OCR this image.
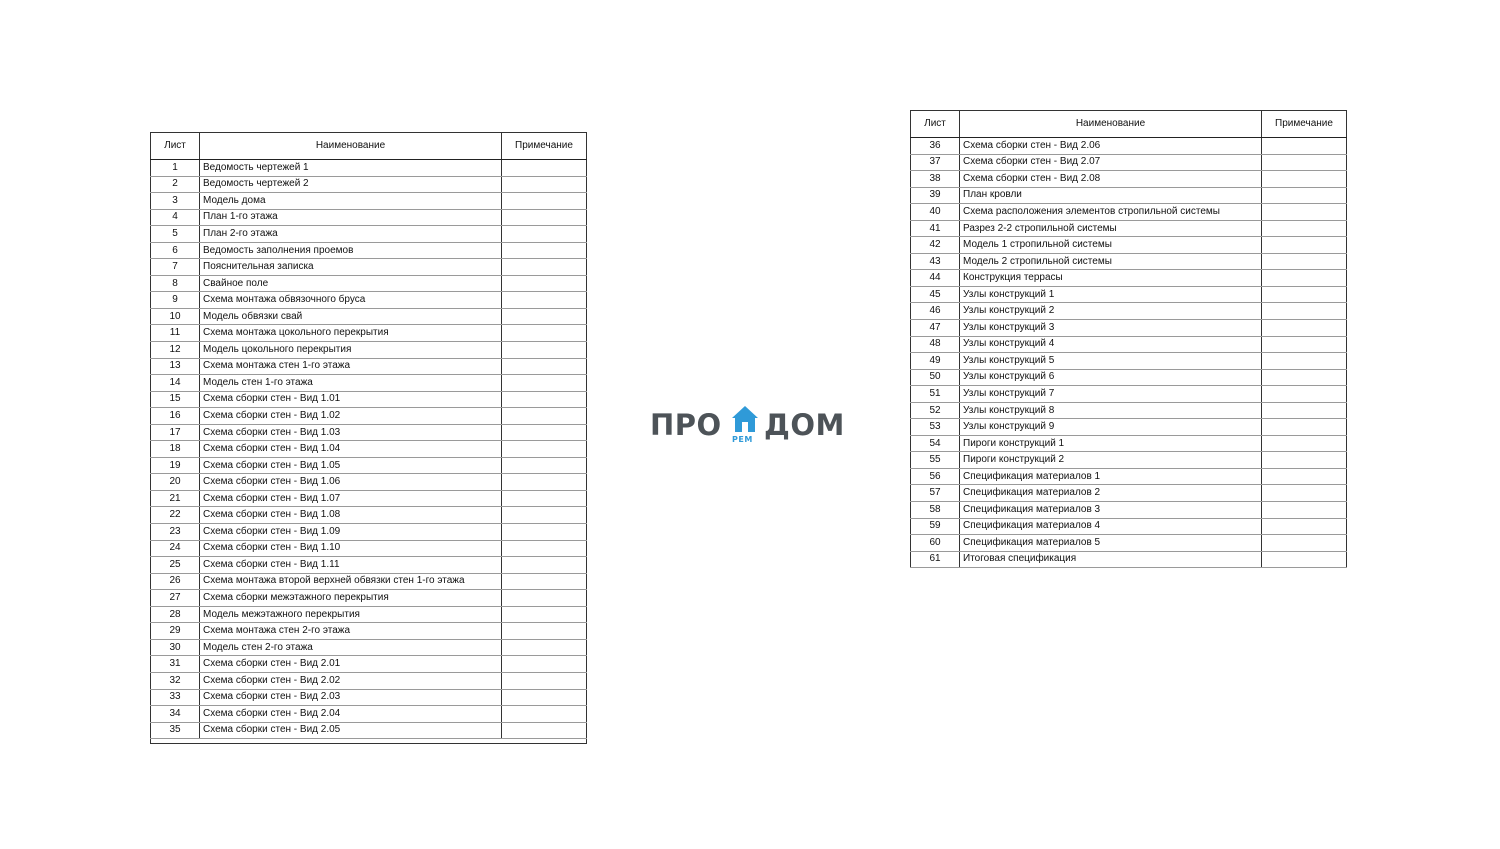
Лист	Наименование	Примечание
1	Ведомость чертежей 1	
2	Ведомость чертежей 2	
3	Модель дома	
4	План 1-го этажа	
5	План 2-го этажа	
6	Ведомость заполнения проемов	
7	Пояснительная записка	
8	Свайное поле	
9	Схема монтажа обвязочного бруса	
10	Модель обвязки свай	
11	Схема монтажа цокольного перекрытия	
12	Модель цокольного перекрытия	
13	Схема монтажа стен 1-го этажа	
14	Модель стен 1-го этажа	
15	Схема сборки стен - Вид 1.01	
16	Схема сборки стен - Вид 1.02	
17	Схема сборки стен - Вид 1.03	
18	Схема сборки стен - Вид 1.04	
19	Схема сборки стен - Вид 1.05	
20	Схема сборки стен - Вид 1.06	
21	Схема сборки стен - Вид 1.07	
22	Схема сборки стен - Вид 1.08	
23	Схема сборки стен - Вид 1.09	
24	Схема сборки стен - Вид 1.10	
25	Схема сборки стен - Вид 1.11	
26	Схема монтажа второй верхней обвязки стен 1-го этажа	
27	Схема сборки межэтажного перекрытия	
28	Модель межэтажного перекрытия	
29	Схема монтажа стен 2-го этажа	
30	Модель стен 2-го этажа	
31	Схема сборки стен - Вид 2.01	
32	Схема сборки стен - Вид 2.02	
33	Схема сборки стен - Вид 2.03	
34	Схема сборки стен - Вид 2.04	
35	Схема сборки стен - Вид 2.05	
ПРО РЕМ ДОМ
Лист	Наименование	Примечание
36	Схема сборки стен - Вид 2.06	
37	Схема сборки стен - Вид 2.07	
38	Схема сборки стен - Вид 2.08	
39	План кровли	
40	Схема расположения элементов стропильной системы	
41	Разрез 2-2 стропильной системы	
42	Модель 1 стропильной системы	
43	Модель 2 стропильной системы	
44	Конструкция террасы	
45	Узлы конструкций 1	
46	Узлы конструкций 2	
47	Узлы конструкций 3	
48	Узлы конструкций 4	
49	Узлы конструкций 5	
50	Узлы конструкций 6	
51	Узлы конструкций 7	
52	Узлы конструкций 8	
53	Узлы конструкций 9	
54	Пироги конструкций 1	
55	Пироги конструкций 2	
56	Спецификация материалов 1	
57	Спецификация материалов 2	
58	Спецификация материалов 3	
59	Спецификация материалов 4	
60	Спецификация материалов 5	
61	Итоговая спецификация	
